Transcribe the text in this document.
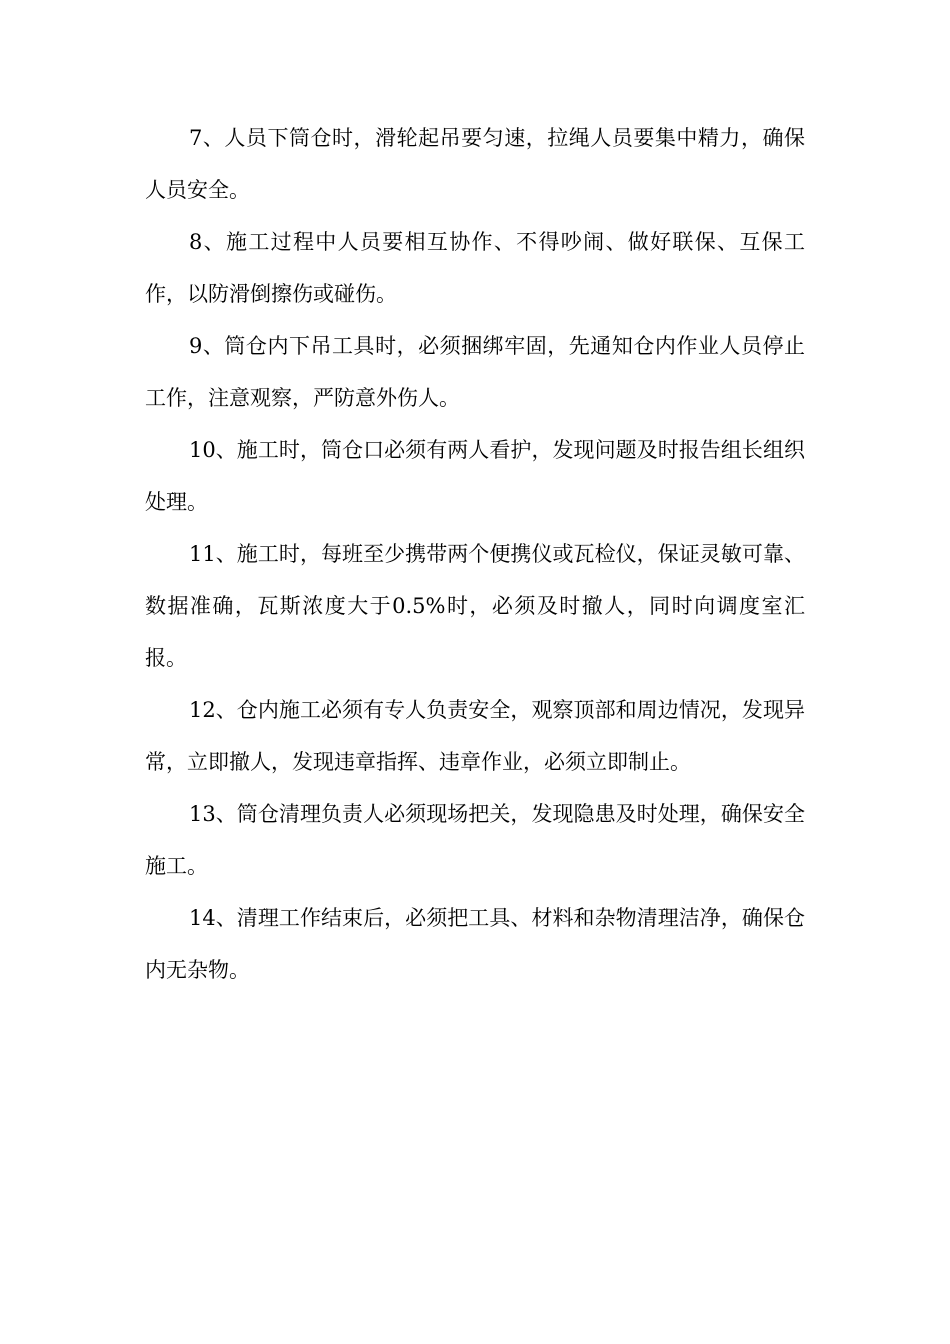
7、人员下筒仓时，滑轮起吊要匀速，拉绳人员要集中精力，确保人员安全。

8、施工过程中人员要相互协作、不得吵闹、做好联保、互保工作，以防滑倒擦伤或碰伤。

9、筒仓内下吊工具时，必须捆绑牢固，先通知仓内作业人员停止工作，注意观察，严防意外伤人。

10、施工时，筒仓口必须有两人看护，发现问题及时报告组长组织处理。

11、施工时，每班至少携带两个便携仪或瓦检仪，保证灵敏可靠、数据准确，瓦斯浓度大于0.5%时，必须及时撤人，同时向调度室汇报。

12、仓内施工必须有专人负责安全，观察顶部和周边情况，发现异常，立即撤人，发现违章指挥、违章作业，必须立即制止。

13、筒仓清理负责人必须现场把关，发现隐患及时处理，确保安全施工。

14、清理工作结束后，必须把工具、材料和杂物清理洁净，确保仓内无杂物。
